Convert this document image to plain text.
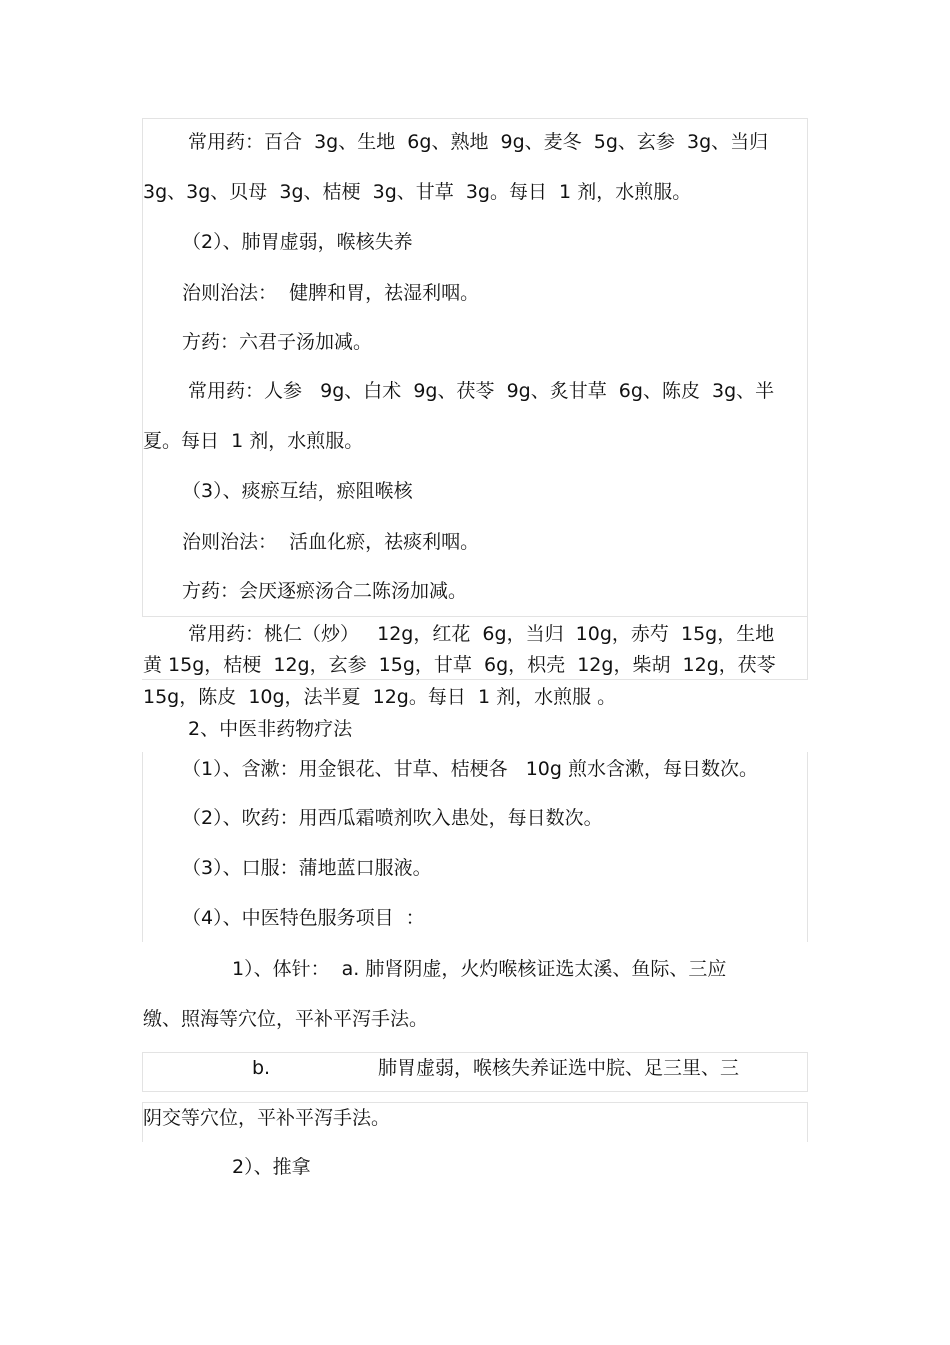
常用药：百合  3g、生地  6g、熟地  9g、麦冬  5g、玄参  3g、当归
3g、3g、贝母  3g、桔梗  3g、甘草  3g。每日  1 剂，水煎服。
（2）、肺胃虚弱，喉核失养
治则治法：  健脾和胃，祛湿利咽。
方药：六君子汤加减。
常用药：人参   9g、白术  9g、茯苓  9g、炙甘草  6g、陈皮  3g、半
夏。每日  1 剂，水煎服。
（3）、痰瘀互结，瘀阻喉核
治则治法：  活血化瘀，祛痰利咽。
方药：会厌逐瘀汤合二陈汤加减。
常用药：桃仁（炒）   12g，红花  6g，当归  10g，赤芍  15g，生地
黄 15g，桔梗  12g，玄参  15g，甘草  6g，枳壳  12g，柴胡  12g，茯苓
15g，陈皮  10g，法半夏  12g。每日  1 剂，水煎服 。
2、中医非药物疗法
（1）、含漱：用金银花、甘草、桔梗各   10g 煎水含漱，每日数次。
（2）、吹药：用西瓜霜喷剂吹入患处，每日数次。
（3）、口服：蒲地蓝口服液。
（4）、中医特色服务项目  ：
1）、体针：  a. 肺肾阴虚，火灼喉核证选太溪、鱼际、三应
缴、照海等穴位，平补平泻手法。
b.	肺胃虚弱，喉核失养证选中脘、足三里、三
阴交等穴位，平补平泻手法。
2）、推拿
